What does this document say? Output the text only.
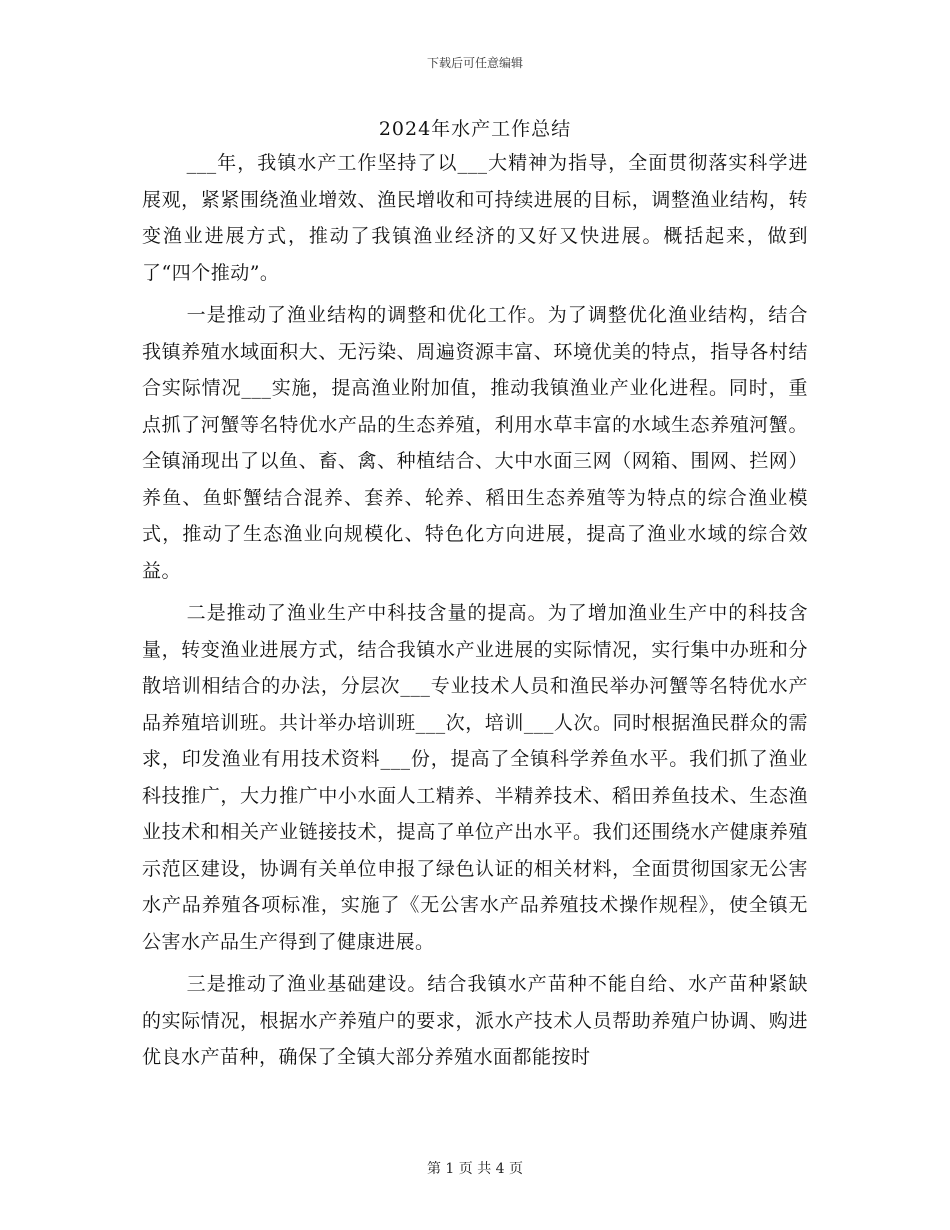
下载后可任意编辑
2024年水产工作总结

___年，我镇水产工作坚持了以___大精神为指导，全面贯彻落实科学进展观，紧紧围绕渔业增效、渔民增收和可持续进展的目标，调整渔业结构，转变渔业进展方式，推动了我镇渔业经济的又好又快进展。概括起来，做到了“四个推动”。

一是推动了渔业结构的调整和优化工作。为了调整优化渔业结构，结合我镇养殖水域面积大、无污染、周遍资源丰富、环境优美的特点，指导各村结合实际情况___实施，提高渔业附加值，推动我镇渔业产业化进程。同时，重点抓了河蟹等名特优水产品的生态养殖，利用水草丰富的水域生态养殖河蟹。全镇涌现出了以鱼、畜、禽、种植结合、大中水面三网（网箱、围网、拦网）养鱼、鱼虾蟹结合混养、套养、轮养、稻田生态养殖等为特点的综合渔业模式，推动了生态渔业向规模化、特色化方向进展，提高了渔业水域的综合效益。

二是推动了渔业生产中科技含量的提高。为了增加渔业生产中的科技含量，转变渔业进展方式，结合我镇水产业进展的实际情况，实行集中办班和分散培训相结合的办法，分层次___专业技术人员和渔民举办河蟹等名特优水产品养殖培训班。共计举办培训班___次，培训___人次。同时根据渔民群众的需求，印发渔业有用技术资料___份，提高了全镇科学养鱼水平。我们抓了渔业科技推广，大力推广中小水面人工精养、半精养技术、稻田养鱼技术、生态渔业技术和相关产业链接技术，提高了单位产出水平。我们还围绕水产健康养殖示范区建设，协调有关单位申报了绿色认证的相关材料，全面贯彻国家无公害水产品养殖各项标准，实施了《无公害水产品养殖技术操作规程》，使全镇无公害水产品生产得到了健康进展。

三是推动了渔业基础建设。结合我镇水产苗种不能自给、水产苗种紧缺的实际情况，根据水产养殖户的要求，派水产技术人员帮助养殖户协调、购进优良水产苗种，确保了全镇大部分养殖水面都能按时

第 1 页 共 4 页
